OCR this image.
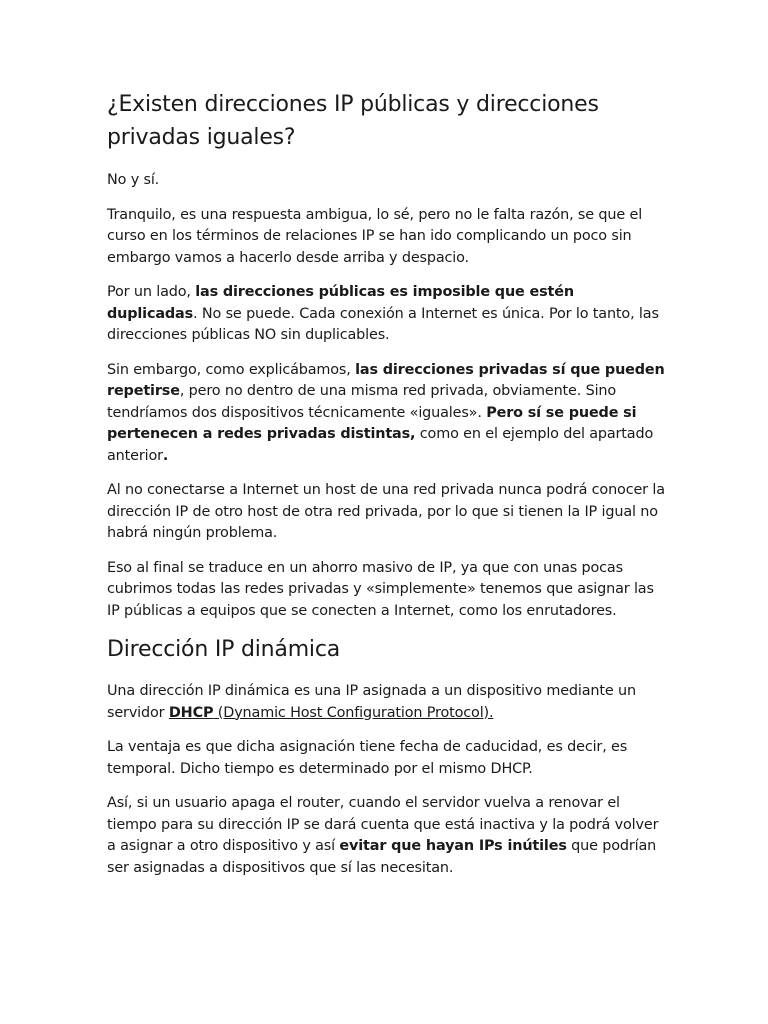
¿Existen direcciones IP públicas y direcciones privadas iguales?

No y sí.

Tranquilo, es una respuesta ambigua, lo sé, pero no le falta razón, se que el curso en los términos de relaciones IP se han ido complicando un poco sin embargo vamos a hacerlo desde arriba y despacio.

Por un lado, las direcciones públicas es imposible que estén duplicadas. No se puede. Cada conexión a Internet es única. Por lo tanto, las direcciones públicas NO sin duplicables.

Sin embargo, como explicábamos, las direcciones privadas sí que pueden repetirse, pero no dentro de una misma red privada, obviamente. Sino tendríamos dos dispositivos técnicamente «iguales». Pero sí se puede si pertenecen a redes privadas distintas, como en el ejemplo del apartado anterior.

Al no conectarse a Internet un host de una red privada nunca podrá conocer la dirección IP de otro host de otra red privada, por lo que si tienen la IP igual no habrá ningún problema.

Eso al final se traduce en un ahorro masivo de IP, ya que con unas pocas cubrimos todas las redes privadas y «simplemente» tenemos que asignar las IP públicas a equipos que se conecten a Internet, como los enrutadores.

Dirección IP dinámica

Una dirección IP dinámica es una IP asignada a un dispositivo mediante un servidor DHCP (Dynamic Host Configuration Protocol).

La ventaja es que dicha asignación tiene fecha de caducidad, es decir, es temporal. Dicho tiempo es determinado por el mismo DHCP.

Así, si un usuario apaga el router, cuando el servidor vuelva a renovar el tiempo para su dirección IP se dará cuenta que está inactiva y la podrá volver a asignar a otro dispositivo y así evitar que hayan IPs inútiles que podrían ser asignadas a dispositivos que sí las necesitan.
